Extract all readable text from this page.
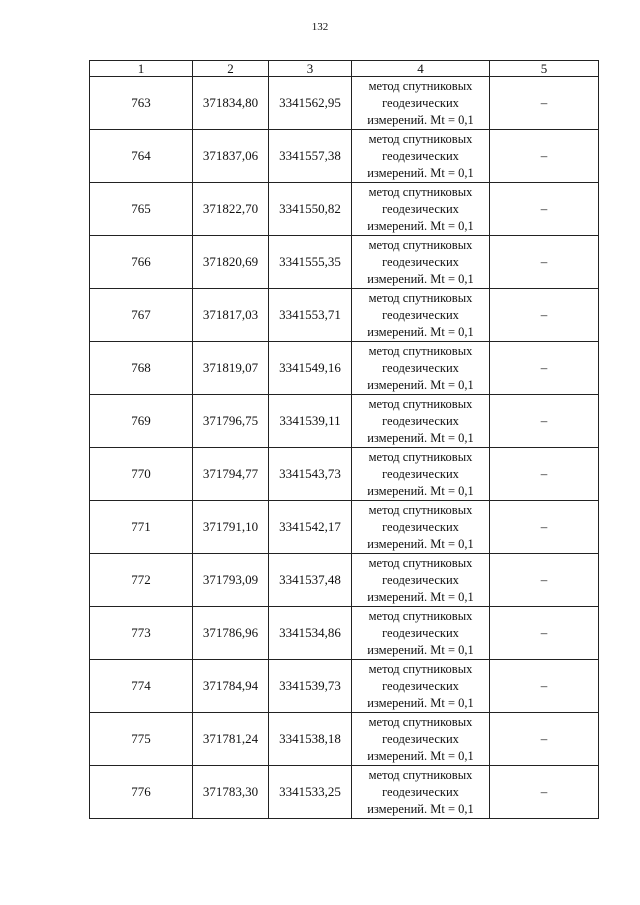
132
1	2	3	4	5
763	371834,80	3341562,95	метод спутниковых
геодезических
измерений. Mt = 0,1	–
764	371837,06	3341557,38	метод спутниковых
геодезических
измерений. Mt = 0,1	–
765	371822,70	3341550,82	метод спутниковых
геодезических
измерений. Mt = 0,1	–
766	371820,69	3341555,35	метод спутниковых
геодезических
измерений. Mt = 0,1	–
767	371817,03	3341553,71	метод спутниковых
геодезических
измерений. Mt = 0,1	–
768	371819,07	3341549,16	метод спутниковых
геодезических
измерений. Mt = 0,1	–
769	371796,75	3341539,11	метод спутниковых
геодезических
измерений. Mt = 0,1	–
770	371794,77	3341543,73	метод спутниковых
геодезических
измерений. Mt = 0,1	–
771	371791,10	3341542,17	метод спутниковых
геодезических
измерений. Mt = 0,1	–
772	371793,09	3341537,48	метод спутниковых
геодезических
измерений. Mt = 0,1	–
773	371786,96	3341534,86	метод спутниковых
геодезических
измерений. Mt = 0,1	–
774	371784,94	3341539,73	метод спутниковых
геодезических
измерений. Mt = 0,1	–
775	371781,24	3341538,18	метод спутниковых
геодезических
измерений. Mt = 0,1	–
776	371783,30	3341533,25	метод спутниковых
геодезических
измерений. Mt = 0,1	–
